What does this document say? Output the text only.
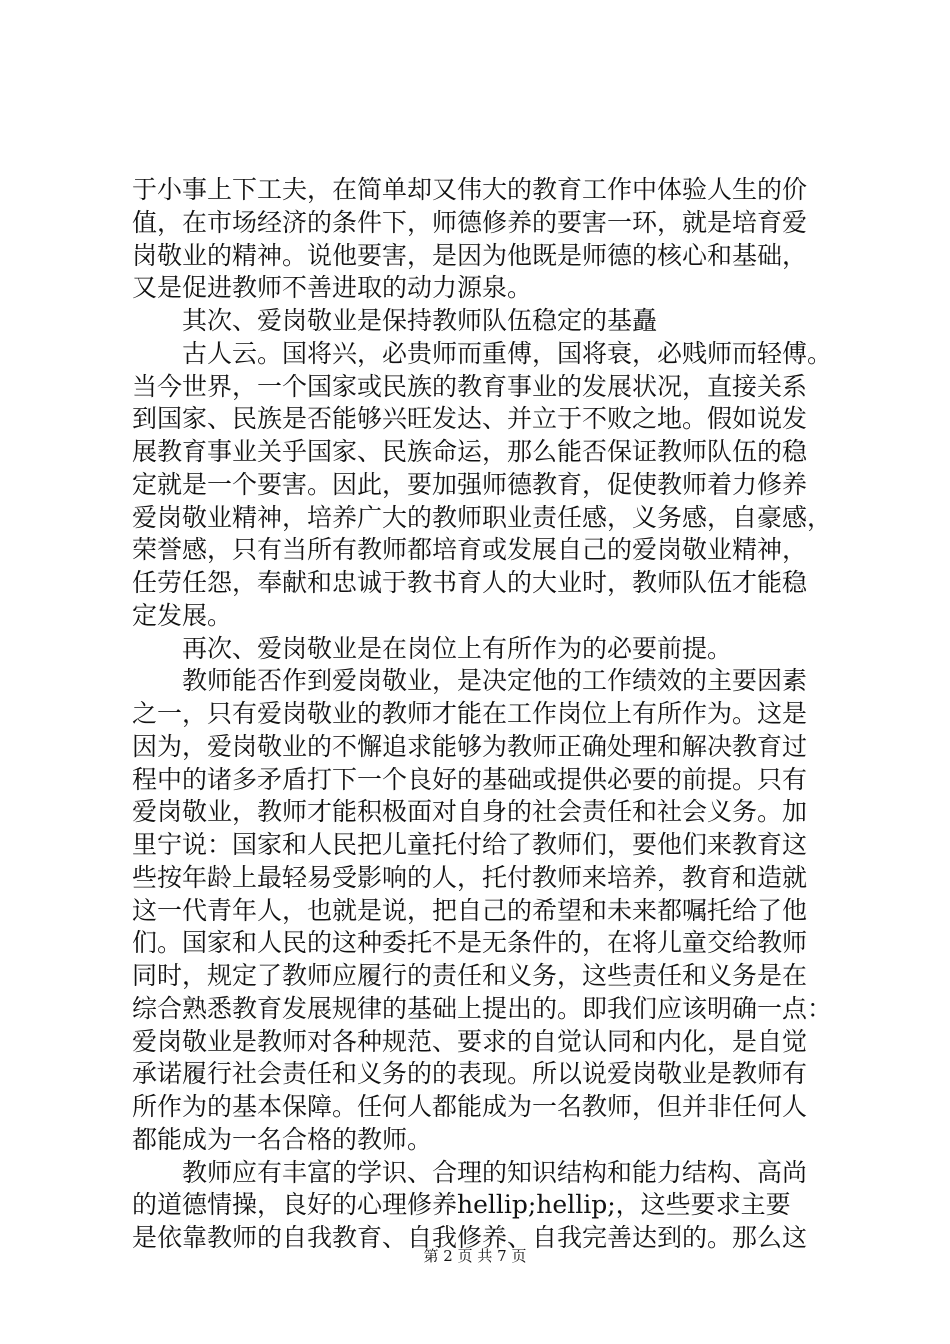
于小事上下工夫，在简单却又伟大的教育工作中体验人生的价
值，在市场经济的条件下，师德修养的要害一环，就是培育爱
岗敬业的精神。说他要害，是因为他既是师德的核心和基础，
又是促进教师不善进取的动力源泉。
其次、爱岗敬业是保持教师队伍稳定的基矗
古人云。国将兴，必贵师而重傅，国将衰，必贱师而轻傅。
当今世界，一个国家或民族的教育事业的发展状况，直接关系
到国家、民族是否能够兴旺发达、并立于不败之地。假如说发
展教育事业关乎国家、民族命运，那么能否保证教师队伍的稳
定就是一个要害。因此，要加强师德教育，促使教师着力修养
爱岗敬业精神，培养广大的教师职业责任感，义务感，自豪感，
荣誉感，只有当所有教师都培育或发展自己的爱岗敬业精神，
任劳任怨，奉献和忠诚于教书育人的大业时，教师队伍才能稳
定发展。
再次、爱岗敬业是在岗位上有所作为的必要前提。
教师能否作到爱岗敬业，是决定他的工作绩效的主要因素
之一，只有爱岗敬业的教师才能在工作岗位上有所作为。这是
因为，爱岗敬业的不懈追求能够为教师正确处理和解决教育过
程中的诸多矛盾打下一个良好的基础或提供必要的前提。只有
爱岗敬业，教师才能积极面对自身的社会责任和社会义务。加
里宁说：国家和人民把儿童托付给了教师们，要他们来教育这
些按年龄上最轻易受影响的人，托付教师来培养，教育和造就
这一代青年人，也就是说，把自己的希望和未来都嘱托给了他
们。国家和人民的这种委托不是无条件的，在将儿童交给教师
同时，规定了教师应履行的责任和义务，这些责任和义务是在
综合熟悉教育发展规律的基础上提出的。即我们应该明确一点：
爱岗敬业是教师对各种规范、要求的自觉认同和内化，是自觉
承诺履行社会责任和义务的的表现。所以说爱岗敬业是教师有
所作为的基本保障。任何人都能成为一名教师，但并非任何人
都能成为一名合格的教师。
教师应有丰富的学识、合理的知识结构和能力结构、高尚
的道德情操，良好的心理修养hellip;hellip;，这些要求主要
是依靠教师的自我教育、自我修养、自我完善达到的。那么这
第 2 页 共 7 页
